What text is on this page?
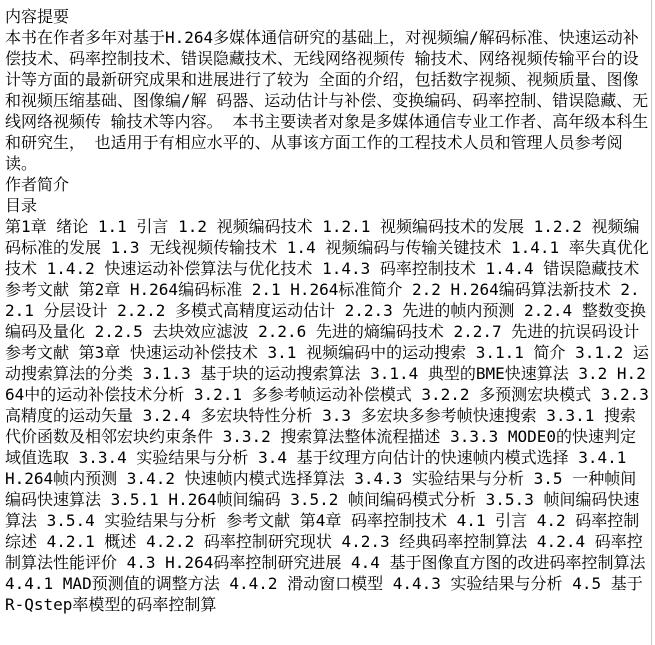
内容提要

本书在作者多年对基于H.264多媒体通信研究的基础上，对视频编/解码标准、快速运动补偿技术、码率控制技术、错误隐藏技术、无线网络视频传 输技术、网络视频传输平台的设计等方面的最新研究成果和进展进行了较为 全面的介绍，包括数字视频、视频质量、图像和视频压缩基础、图像编/解 码器、运动估计与补偿、变换编码、码率控制、错误隐藏、无线网络视频传 输技术等内容。 本书主要读者对象是多媒体通信专业工作者、高年级本科生和研究生， 也适用于有相应水平的、从事该方面工作的工程技术人员和管理人员参考阅 读。

作者简介

目录

第1章 绪论 1.1 引言 1.2 视频编码技术 1.2.1 视频编码技术的发展 1.2.2 视频编码标准的发展 1.3 无线视频传输技术 1.4 视频编码与传输关键技术 1.4.1 率失真优化技术 1.4.2 快速运动补偿算法与优化技术 1.4.3 码率控制技术 1.4.4 错误隐藏技术 参考文献 第2章 H.264编码标准 2.1 H.264标准简介 2.2 H.264编码算法新技术 2.2.1 分层设计 2.2.2 多模式高精度运动估计 2.2.3 先进的帧内预测 2.2.4 整数变换编码及量化 2.2.5 去块效应滤波 2.2.6 先进的熵编码技术 2.2.7 先进的抗误码设计 参考文献 第3章 快速运动补偿技术 3.1 视频编码中的运动搜索 3.1.1 简介 3.1.2 运动搜索算法的分类 3.1.3 基于块的运动搜索算法 3.1.4 典型的BME快速算法 3.2 H.264中的运动补偿技术分析 3.2.1 多参考帧运动补偿模式 3.2.2 多预测宏块模式 3.2.3 高精度的运动矢量 3.2.4 多宏块特性分析 3.3 多宏块多参考帧快速搜索 3.3.1 搜索代价函数及相邻宏块约束条件 3.3.2 搜索算法整体流程描述 3.3.3 MODE0的快速判定域值选取 3.3.4 实验结果与分析 3.4 基于纹理方向估计的快速帧内模式选择 3.4.1 H.264帧内预测 3.4.2 快速帧内模式选择算法 3.4.3 实验结果与分析 3.5 一种帧间编码快速算法 3.5.1 H.264帧间编码 3.5.2 帧间编码模式分析 3.5.3 帧间编码快速算法 3.5.4 实验结果与分析 参考文献 第4章 码率控制技术 4.1 引言 4.2 码率控制综述 4.2.1 概述 4.2.2 码率控制研究现状 4.2.3 经典码率控制算法 4.2.4 码率控制算法性能评价 4.3 H.264码率控制研究进展 4.4 基于图像直方图的改进码率控制算法 4.4.1 MAD预测值的调整方法 4.4.2 滑动窗口模型 4.4.3 实验结果与分析 4.5 基于R-Qstep率模型的码率控制算
